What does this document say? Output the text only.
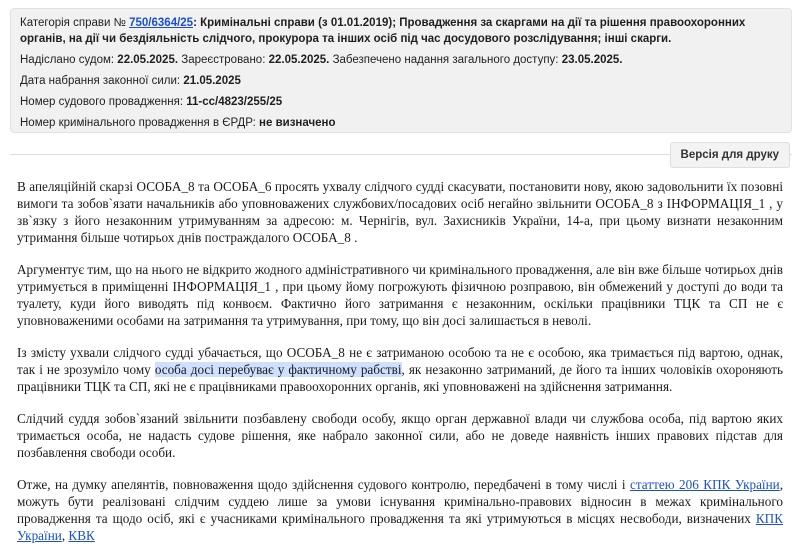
Категорія справи № 750/6364/25: Кримінальні справи (з 01.01.2019); Провадження за скаргами на дії та рішення правоохоронних органів, на дії чи бездіяльність слідчого, прокурора та інших осіб під час досудового розслідування; інші скарги.
Надіслано судом: 22.05.2025. Зареєстровано: 22.05.2025. Забезпечено надання загального доступу: 23.05.2025.
Дата набрання законної сили: 21.05.2025
Номер судового провадження: 11-сс/4823/255/25
Номер кримінального провадження в ЄРДР: не визначено
Версія для друку

В апеляційній скарзі ОСОБА_8 та ОСОБА_6 просять ухвалу слідчого судді скасувати, постановити нову, якою задовольнити їх позовні вимоги та зобов`язати начальників або уповноважених службових/посадових осіб негайно звільнити ОСОБА_8 з ІНФОРМАЦІЯ_1 , у зв`язку з його незаконним утримуванням за адресою: м. Чернігів, вул. Захисників України, 14-а, при цьому визнати незаконним утримання більше чотирьох днів постраждалого ОСОБА_8 .

Аргументує тим, що на нього не відкрито жодного адміністративного чи кримінального провадження, але він вже більше чотирьох днів утримується в приміщенні ІНФОРМАЦІЯ_1 , при цьому йому погрожують фізичною розправою, він обмежений у доступі до води та туалету, куди його виводять під конвоєм. Фактично його затримання є незаконним, оскільки працівники ТЦК та СП не є уповноваженими особами на затримання та утримування, при тому, що він досі залишається в неволі.

Із змісту ухвали слідчого судді убачається, що ОСОБА_8 не є затриманою особою та не є особою, яка тримається під вартою, однак, так і не зрозуміло чому особа досі перебуває у фактичному рабстві, як незаконно затриманий, де його та інших чоловіків охороняють працівники ТЦК та СП, які не є працівниками правоохоронних органів, які уповноважені на здійснення затримання.

Слідчий суддя зобов`язаний звільнити позбавлену свободи особу, якщо орган державної влади чи службова особа, під вартою яких тримається особа, не надасть судове рішення, яке набрало законної сили, або не доведе наявність інших правових підстав для позбавлення свободи особи.

Отже, на думку апелянтів, повноваження щодо здійснення судового контролю, передбачені в тому числі і статтею 206 КПК України, можуть бути реалізовані слідчим суддею лише за умови існування кримінально-правових відносин в межах кримінального провадження та щодо осіб, які є учасниками кримінального провадження та які утримуються в місцях несвободи, визначених КПК України, КВК
